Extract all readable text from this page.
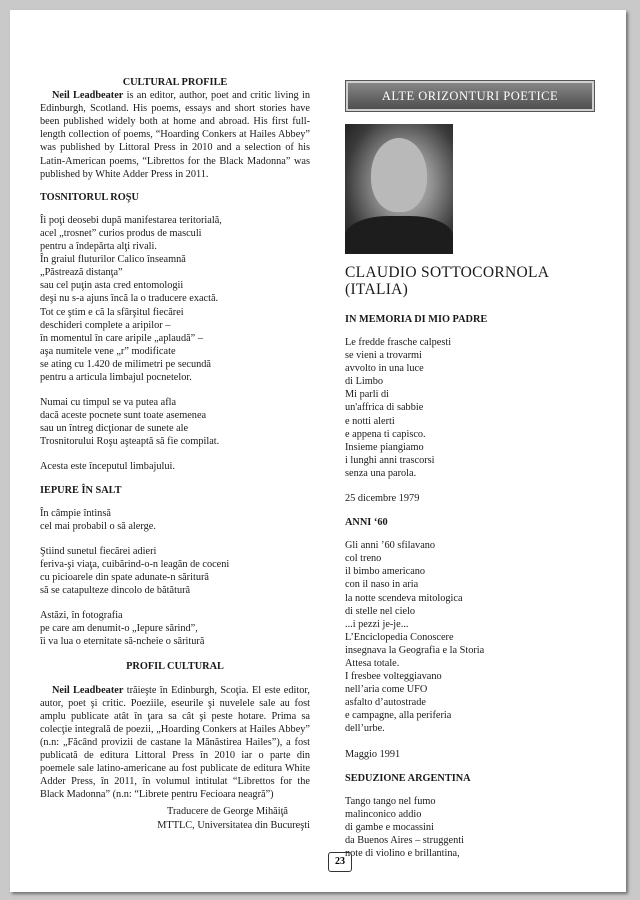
CULTURAL PROFILE
Neil Leadbeater is an editor, author, poet and critic living in Edinburgh, Scotland. His poems, essays and short stories have been published widely both at home and abroad. His first full-length collection of poems, “Hoarding Conkers at Hailes Abbey” was published by Littoral Press in 2010 and a selection of his Latin-American poems, “Librettos for the Black Madonna” was published by White Adder Press in 2011.
TOSNITORUL ROŞU
Îi poţi deosebi după manifestarea teritorială,
acel „trosnet” curios produs de masculi
pentru a îndepărta alţi rivali.
În graiul fluturilor Calico înseamnă
„Păstrează distanţa”
sau cel puţin asta cred entomologii
deşi nu s-a ajuns încă la o traducere exactă.
Tot ce ştim e că la sfârşitul fiecărei
deschideri complete a aripilor –
în momentul în care aripile „aplaudă” –
aşa numitele vene „r” modificate
se ating cu 1.420 de milimetri pe secundă
pentru a articula limbajul pocnetelor.
Numai cu timpul se va putea afla
dacă aceste pocnete sunt toate asemenea
sau un întreg dicţionar de sunete ale
Trosnitorului Roşu aşteaptă să fie compilat.
Acesta este începutul limbajului.
IEPURE ÎN SALT
În câmpie întinsă
cel mai probabil o să alerge.
Ştiind sunetul fiecărei adieri
feriva-şi viaţa, cuibărind-o-n leagăn de coceni
cu picioarele din spate adunate-n săritură
să se catapulteze dincolo de bătătură
Astăzi, în fotografia
pe care am denumit-o „Iepure sărind”,
îi va lua o eternitate să-ncheie o săritură
PROFIL CULTURAL
Neil Leadbeater trăieşte în Edinburgh, Scoţia. El este editor, autor, poet şi critic. Poeziile, eseurile şi nuvelele sale au fost amplu publicate atât în ţara sa cât şi peste hotare. Prima sa colecţie integrală de poezii, „Hoarding Conkers at Hailes Abbey” (n.n: „Făcând provizii de castane la Mănăstirea Hailes”), a fost publicată de editura Littoral Press în 2010 iar o parte din poemele sale latino-americane au fost publicate de editura White Adder Press, în 2011, în volumul intitulat “Librettos for the Black Madonna” (n.n: “Librete pentru Fecioara neagră”)
Traducere de George Mihăiţă
MTTLC, Universitatea din Bucureşti
ALTE ORIZONTURI POETICE
CLAUDIO SOTTOCORNOLA
(ITALIA)
IN MEMORIA DI MIO PADRE
Le fredde frasche calpesti
se vieni a trovarmi
avvolto in una luce
di Limbo
Mi parli di
un'affrica di sabbie
e notti alerti
e appena ti capisco.
Insieme piangiamo
i lunghi anni trascorsi
senza una parola.
25 dicembre 1979
ANNI ‘60
Gli anni ’60 sfilavano
col treno
il bimbo americano
con il naso in aria
la notte scendeva mitologica
di stelle nel cielo
...i pezzi je-je...
L’Enciclopedia Conoscere
insegnava la Geografia e la Storia
Attesa totale.
I fresbee volteggiavano
nell’aria come UFO
asfalto d’autostrade
e campagne, alla periferia
dell’urbe.
Maggio 1991
SEDUZIONE ARGENTINA
Tango tango nel fumo
malinconico addio
di gambe e mocassini
da Buenos Aires – struggenti
note di violino e brillantina,
23
